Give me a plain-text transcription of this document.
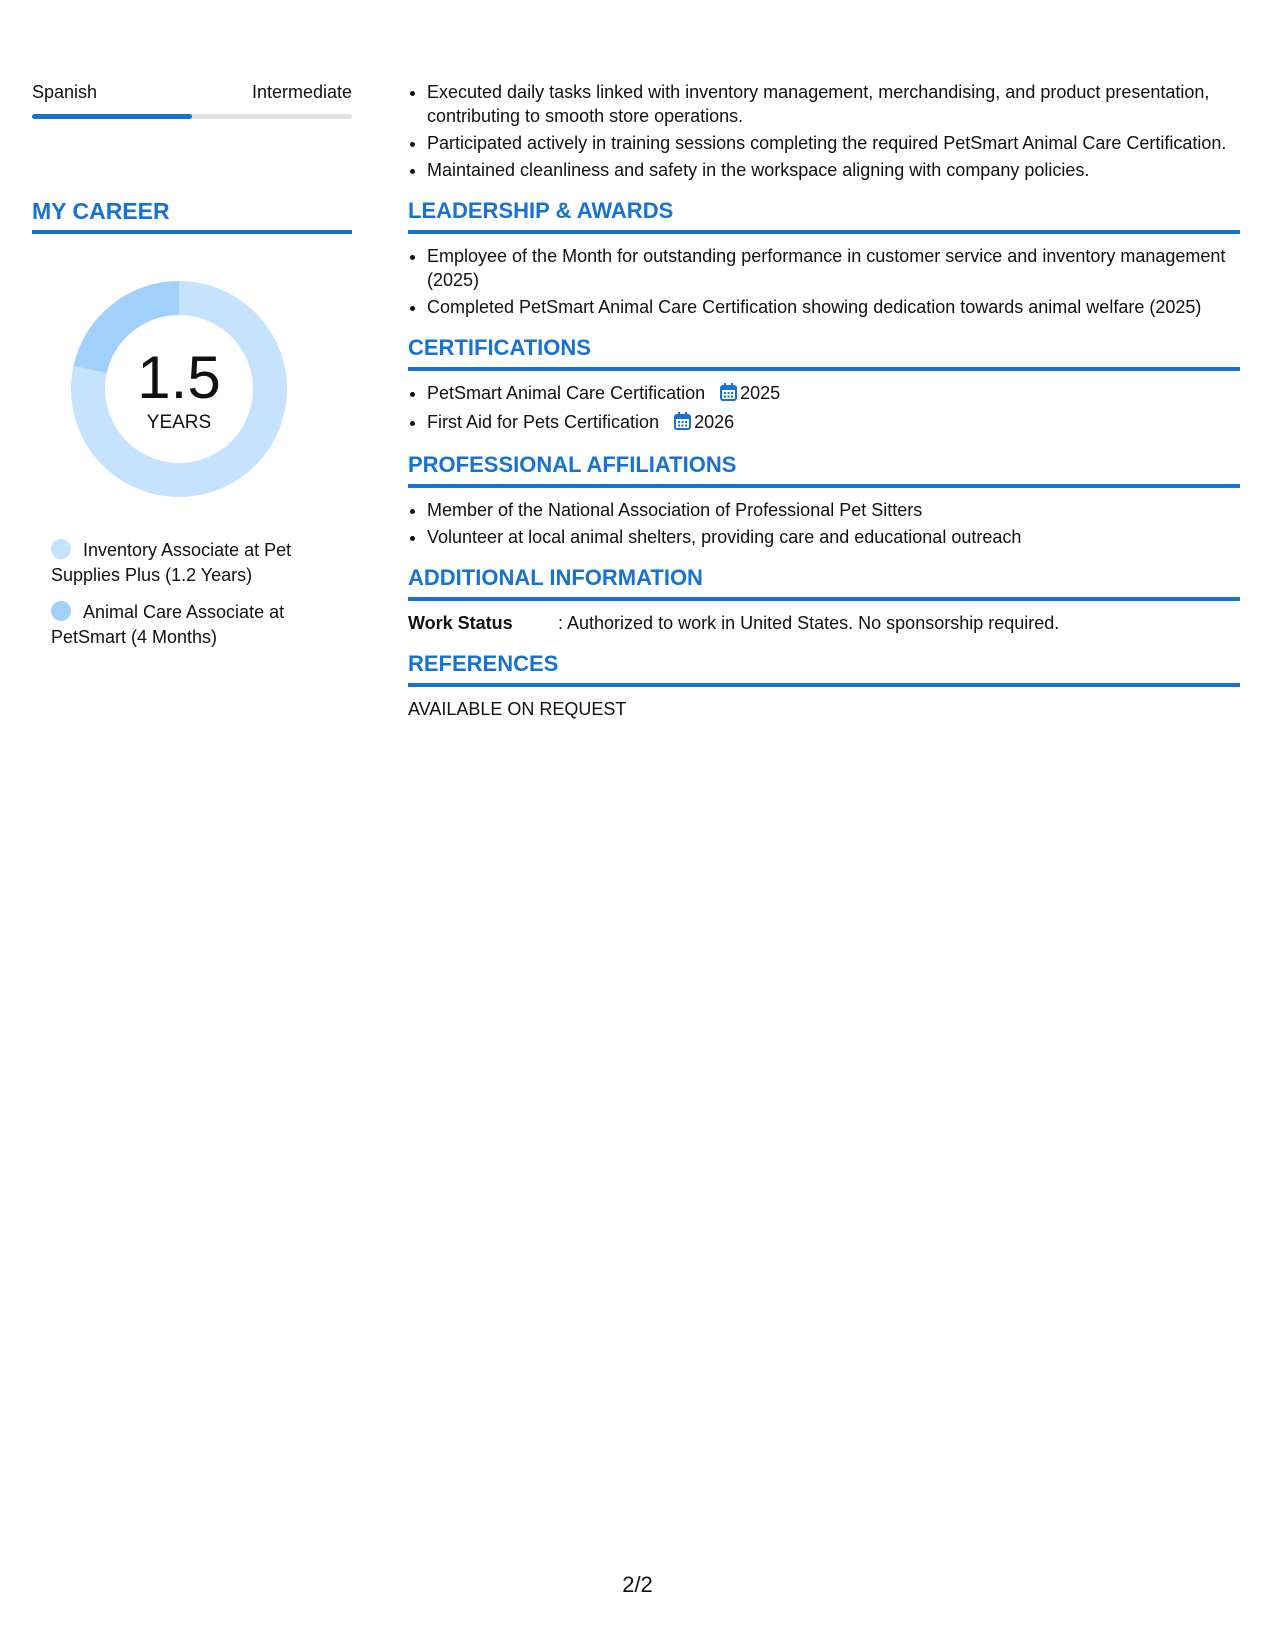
Spanish	Intermediate
MY CAREER
1.5
YEARS
Inventory Associate at Pet Supplies Plus (1.2 Years)
Animal Care Associate at PetSmart (4 Months)
• Executed daily tasks linked with inventory management, merchandising, and product presentation, contributing to smooth store operations.
• Participated actively in training sessions completing the required PetSmart Animal Care Certification.
• Maintained cleanliness and safety in the workspace aligning with company policies.
LEADERSHIP & AWARDS
• Employee of the Month for outstanding performance in customer service and inventory management (2025)
• Completed PetSmart Animal Care Certification showing dedication towards animal welfare (2025)
CERTIFICATIONS
• PetSmart Animal Care Certification 2025
• First Aid for Pets Certification 2026
PROFESSIONAL AFFILIATIONS
• Member of the National Association of Professional Pet Sitters
• Volunteer at local animal shelters, providing care and educational outreach
ADDITIONAL INFORMATION
Work Status	: Authorized to work in United States. No sponsorship required.
REFERENCES
AVAILABLE ON REQUEST
2/2
